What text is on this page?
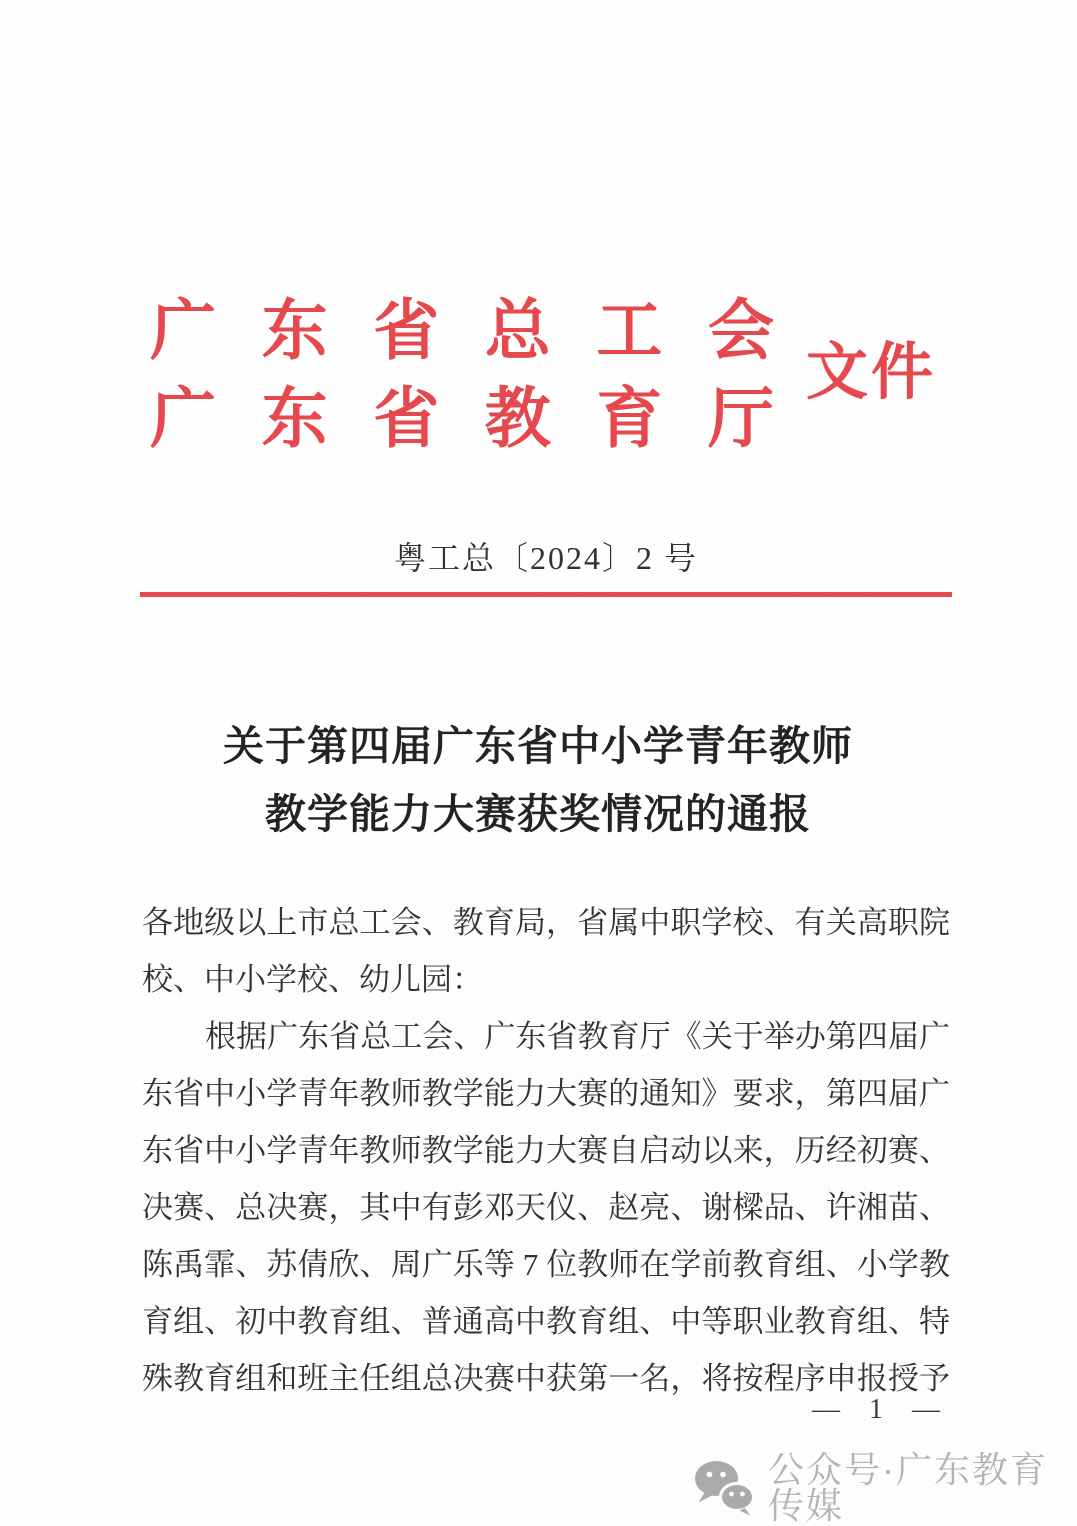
广东省总工会
广东省教育厅
文件
粤工总〔2024〕2 号
关于第四届广东省中小学青年教师
教学能力大赛获奖情况的通报
各地级以上市总工会、教育局，省属中职学校、有关高职院
校、中小学校、幼儿园：
根据广东省总工会、广东省教育厅《关于举办第四届广
东省中小学青年教师教学能力大赛的通知》要求，第四届广
东省中小学青年教师教学能力大赛自启动以来，历经初赛、
决赛、总决赛，其中有彭邓天仪、赵亮、谢樑品、许湘苗、
陈禹霏、苏倩欣、周广乐等 7 位教师在学前教育组、小学教
育组、初中教育组、普通高中教育组、中等职业教育组、特
殊教育组和班主任组总决赛中获第一名，将按程序申报授予
—  1  —
公众号·广东教育传媒
